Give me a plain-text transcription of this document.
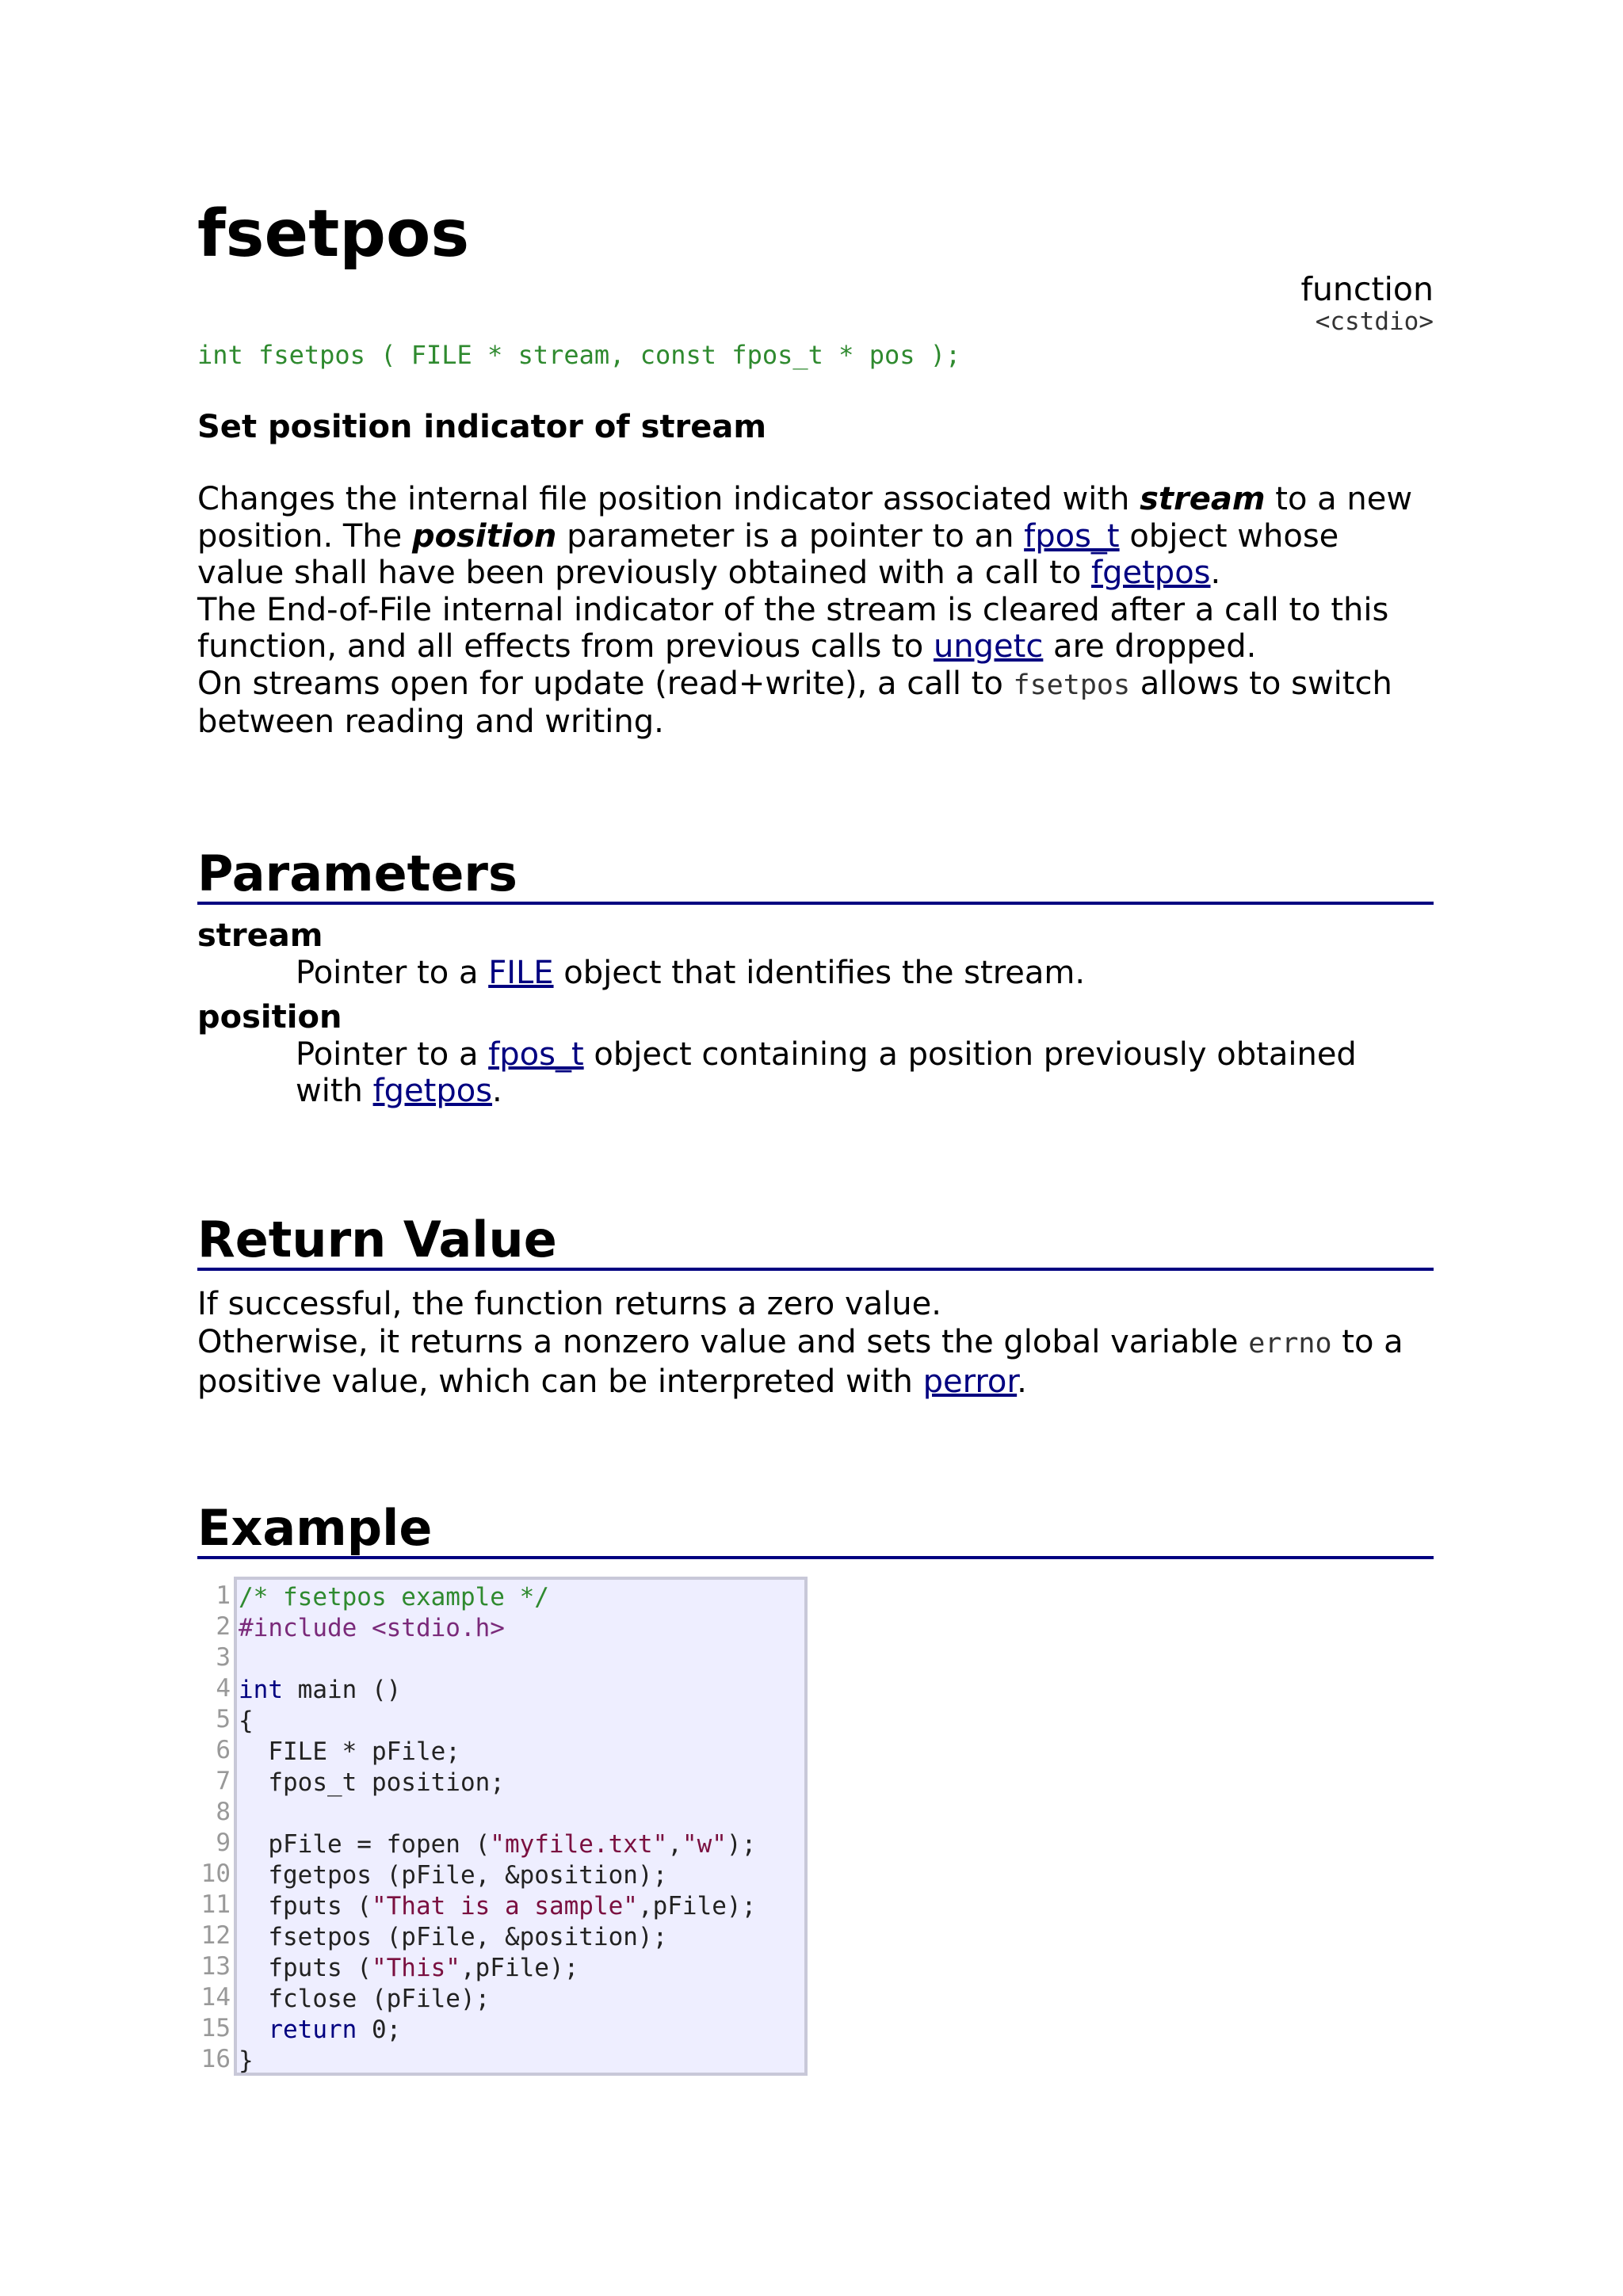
fsetpos
function
<cstdio>
int fsetpos ( FILE * stream, const fpos_t * pos );
Set position indicator of stream

Changes the internal file position indicator associated with stream to a new position. The position parameter is a pointer to an fpos_t object whose value shall have been previously obtained with a call to fgetpos.

The End-of-File internal indicator of the stream is cleared after a call to this function, and all effects from previous calls to ungetc are dropped.

On streams open for update (read+write), a call to fsetpos allows to switch between reading and writing.

Parameters

stream

Pointer to a FILE object that identifies the stream.

position

Pointer to a fpos_t object containing a position previously obtained with fgetpos.

Return Value

If successful, the function returns a zero value.

Otherwise, it returns a nonzero value and sets the global variable errno to a positive value, which can be interpreted with perror.

Example
1
2
3
4
5
6
7
8
9
10
11
12
13
14
15
16
/* fsetpos example */
#include <stdio.h>
int main ()
{
FILE * pFile;
fpos_t position;
pFile = fopen ("myfile.txt","w");
fgetpos (pFile, &position);
fputs ("That is a sample",pFile);
fsetpos (pFile, &position);
fputs ("This",pFile);
fclose (pFile);
return 0;
}
